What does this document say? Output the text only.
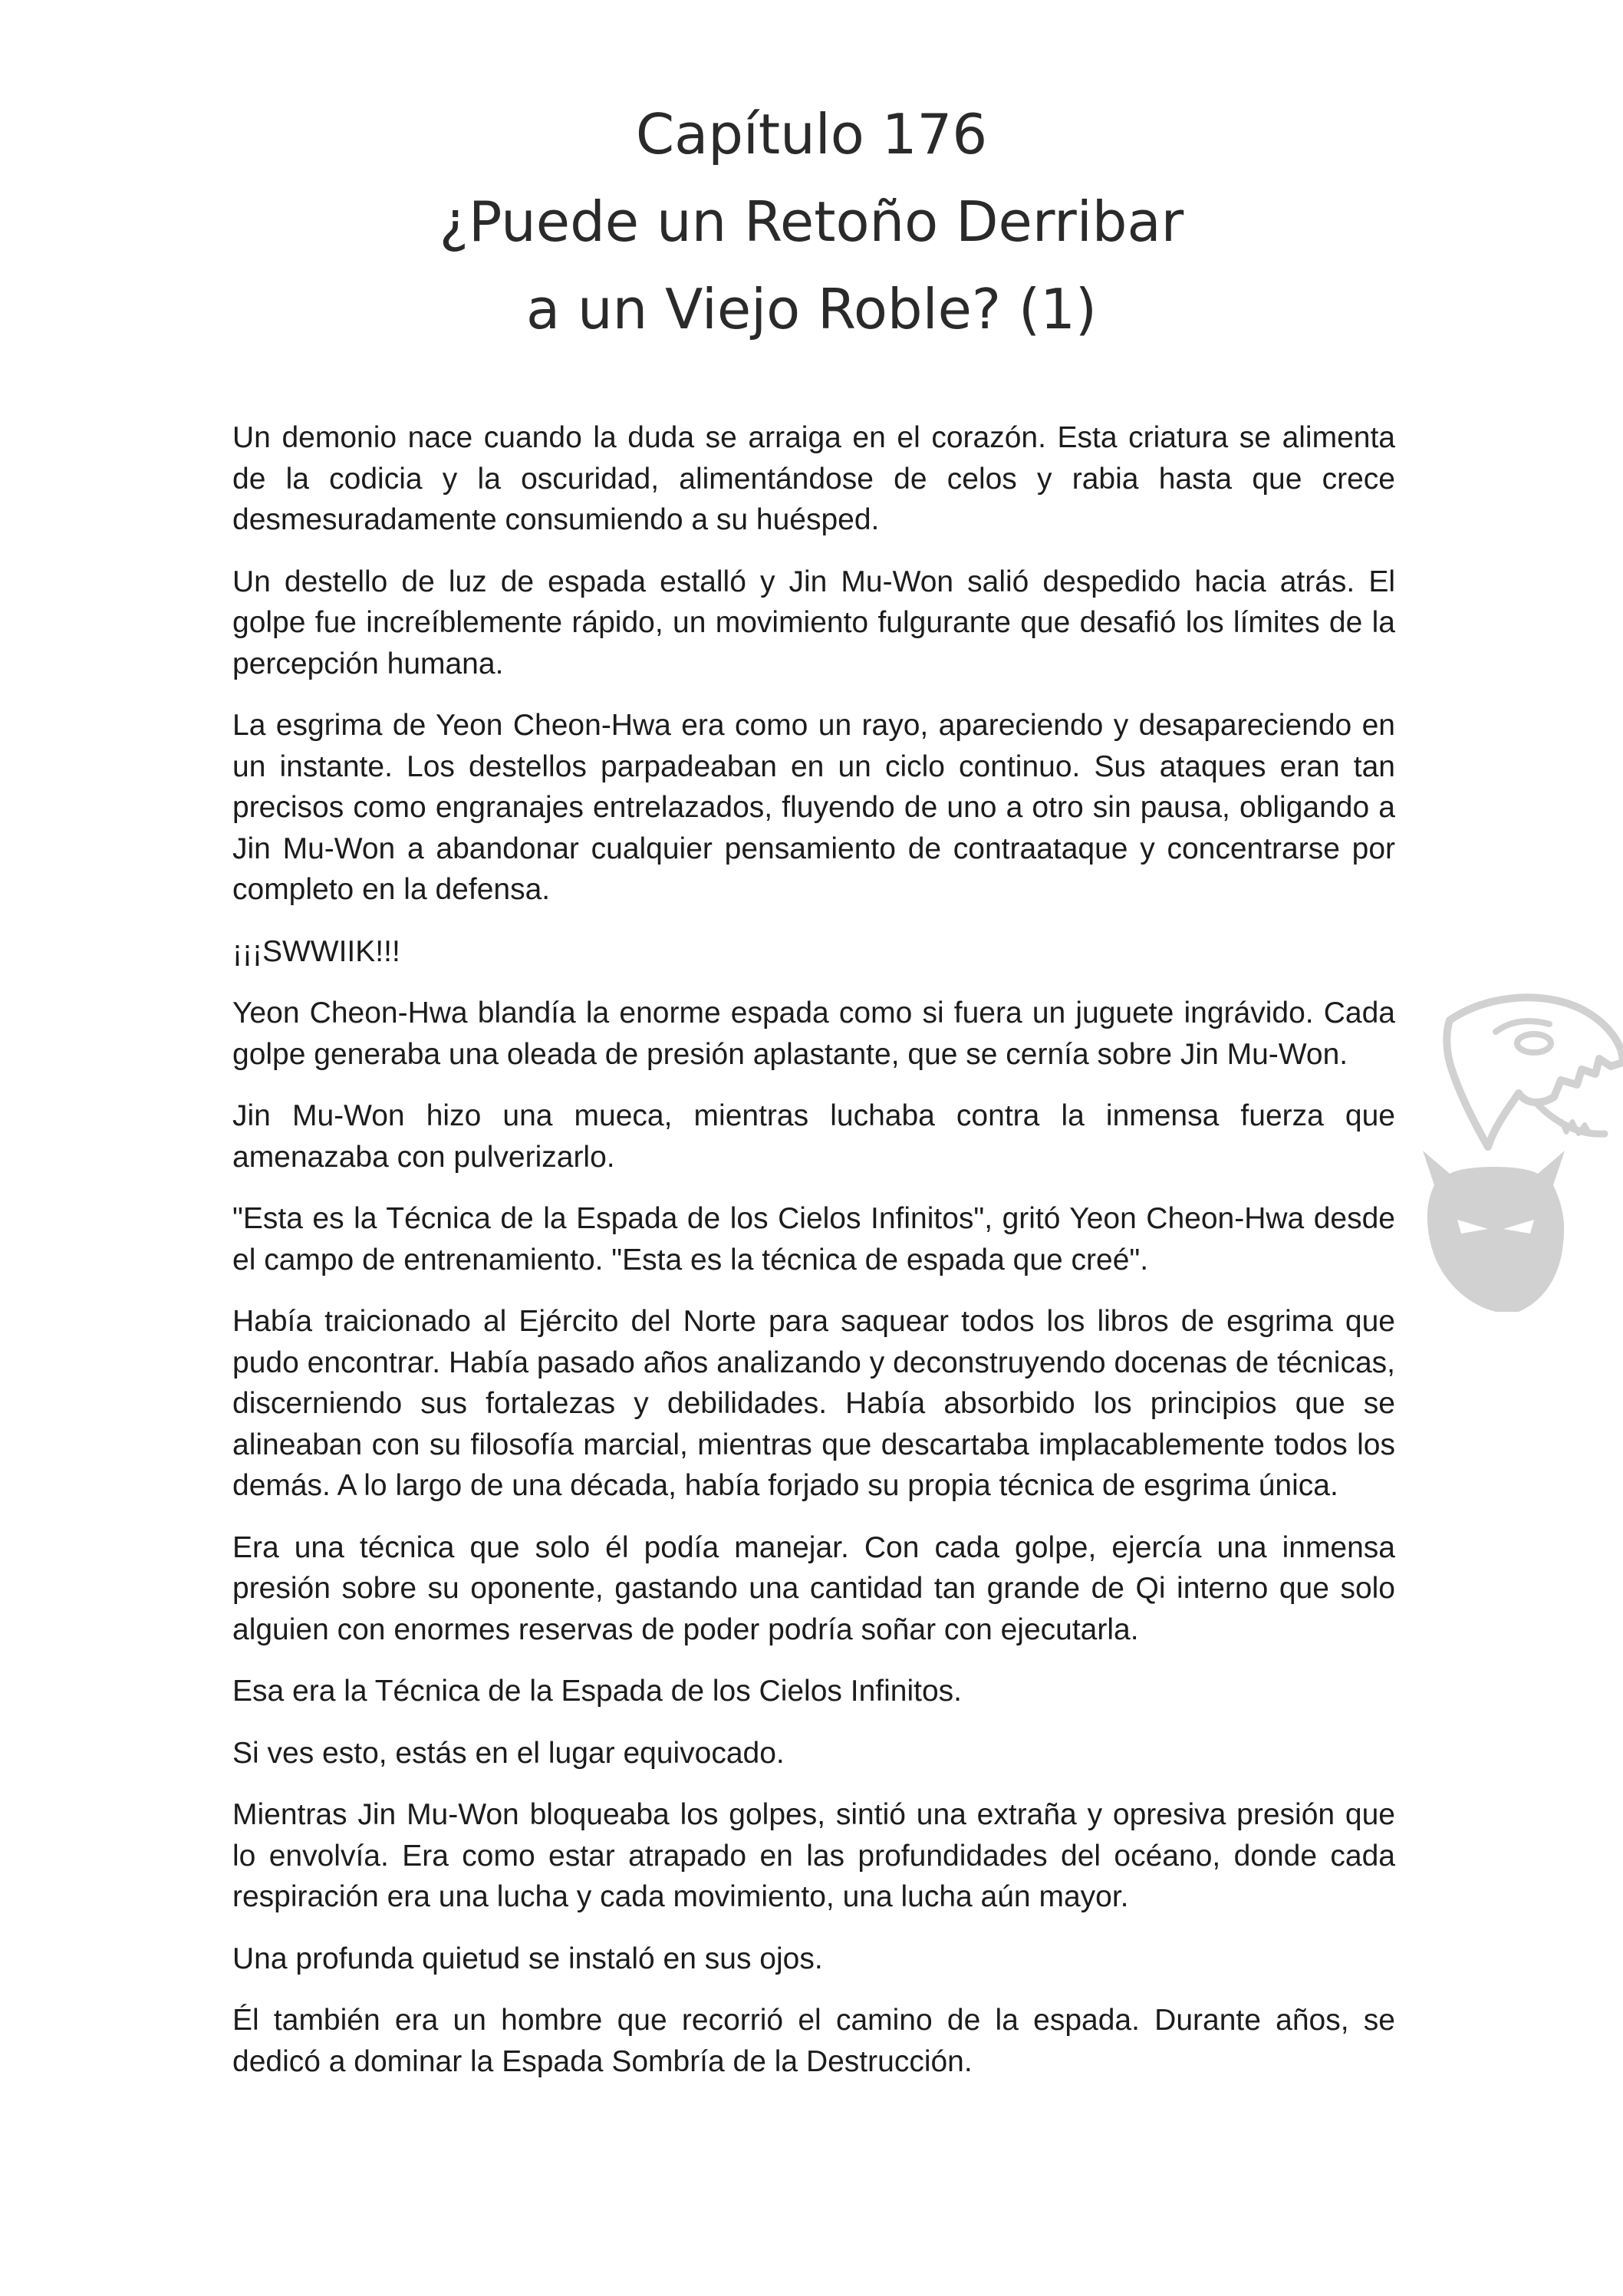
Capítulo 176
¿Puede un Retoño Derribar
a un Viejo Roble? (1)

Un demonio nace cuando la duda se arraiga en el corazón. Esta criatura se alimenta de la codicia y la oscuridad, alimentándose de celos y rabia hasta que crece desmesuradamente consumiendo a su huésped.

Un destello de luz de espada estalló y Jin Mu-Won salió despedido hacia atrás. El golpe fue increíblemente rápido, un movimiento fulgurante que desafió los límites de la percepción humana.

La esgrima de Yeon Cheon-Hwa era como un rayo, apareciendo y desapareciendo en un instante. Los destellos parpadeaban en un ciclo continuo. Sus ataques eran tan precisos como engranajes entrelazados, fluyendo de uno a otro sin pausa, obligando a Jin Mu-Won a abandonar cualquier pensamiento de contraataque y concentrarse por completo en la defensa.

¡¡¡SWWIIK!!!

Yeon Cheon-Hwa blandía la enorme espada como si fuera un juguete ingrávido. Cada golpe generaba una oleada de presión aplastante, que se cernía sobre Jin Mu-Won.

Jin Mu-Won hizo una mueca, mientras luchaba contra la inmensa fuerza que amenazaba con pulverizarlo.

"Esta es la Técnica de la Espada de los Cielos Infinitos", gritó Yeon Cheon-Hwa desde el campo de entrenamiento. "Esta es la técnica de espada que creé".

Había traicionado al Ejército del Norte para saquear todos los libros de esgrima que pudo encontrar. Había pasado años analizando y deconstruyendo docenas de técnicas, discerniendo sus fortalezas y debilidades. Había absorbido los principios que se alineaban con su filosofía marcial, mientras que descartaba implacablemente todos los demás. A lo largo de una década, había forjado su propia técnica de esgrima única.

Era una técnica que solo él podía manejar. Con cada golpe, ejercía una inmensa presión sobre su oponente, gastando una cantidad tan grande de Qi interno que solo alguien con enormes reservas de poder podría soñar con ejecutarla.

Esa era la Técnica de la Espada de los Cielos Infinitos.

Si ves esto, estás en el lugar equivocado.

Mientras Jin Mu-Won bloqueaba los golpes, sintió una extraña y opresiva presión que lo envolvía. Era como estar atrapado en las profundidades del océano, donde cada respiración era una lucha y cada movimiento, una lucha aún mayor.

Una profunda quietud se instaló en sus ojos.

Él también era un hombre que recorrió el camino de la espada. Durante años, se dedicó a dominar la Espada Sombría de la Destrucción.
